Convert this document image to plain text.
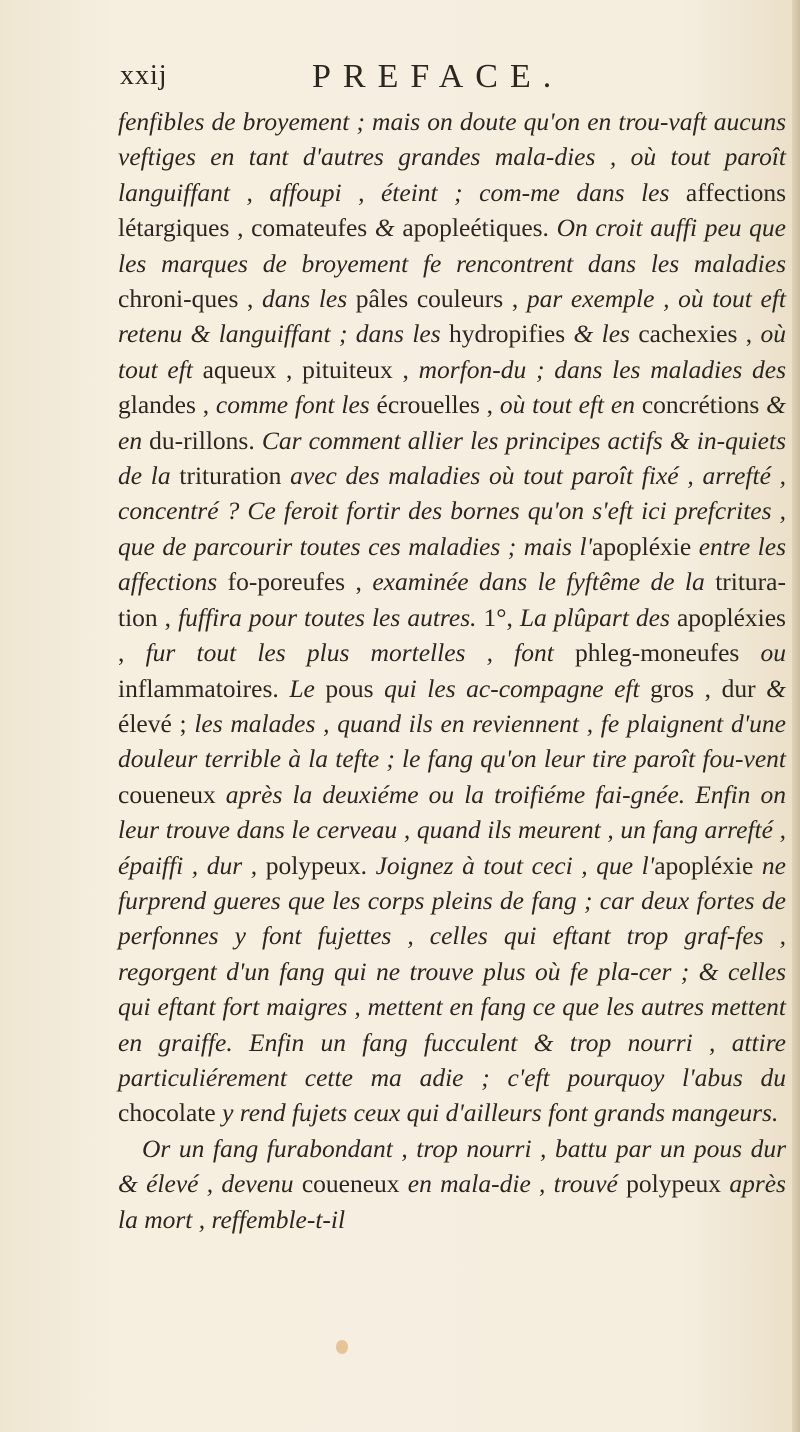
xxij	PREFACE.

fenfibles de broyement ; mais on doute qu'on en trou-vaft aucuns veftiges en tant d'autres grandes mala-dies , où tout paroît languiffant , affoupi , éteint ; com-me dans les affections létargiques , comateufes & apopleétiques. On croit auffi peu que les marques de broyement fe rencontrent dans les maladies chroni-ques , dans les pâles couleurs , par exemple , où tout eft retenu & languiffant ; dans les hydropifies & les cachexies , où tout eft aqueux , pituiteux , morfon-du ; dans les maladies des glandes , comme font les écrouelles , où tout eft en concrétions & en du-rillons. Car comment allier les principes actifs & in-quiets de la trituration avec des maladies où tout paroît fixé , arrefté , concentré ? Ce feroit fortir des bornes qu'on s'eft ici prefcrites , que de parcourir toutes ces maladies ; mais l'apopléxie entre les affections fo-poreufes , examinée dans le fyftême de la tritura-tion , fuffira pour toutes les autres. 1°, La plûpart des apopléxies , fur tout les plus mortelles , font phleg-moneufes ou inflammatoires. Le pous qui les ac-compagne eft gros , dur & élevé ; les malades , quand ils en reviennent , fe plaignent d'une douleur terrible à la tefte ; le fang qu'on leur tire paroît fou-vent coueneux après la deuxiéme ou la troifiéme fai-gnée. Enfin on leur trouve dans le cerveau , quand ils meurent , un fang arrefté , épaiffi , dur , polypeux. Joignez à tout ceci , que l'apopléxie ne furprend gueres que les corps pleins de fang ; car deux fortes de perfonnes y font fujettes , celles qui eftant trop graf-fes , regorgent d'un fang qui ne trouve plus où fe pla-cer ; & celles qui eftant fort maigres , mettent en fang ce que les autres mettent en graiffe. Enfin un fang fucculent & trop nourri , attire particuliérement cette ma adie ; c'eft pourquoy l'abus du chocolate y rend fujets ceux qui d'ailleurs font grands mangeurs.

Or un fang furabondant , trop nourri , battu par un pous dur & élevé , devenu coueneux en mala-die , trouvé polypeux après la mort , reffemble-t-il
